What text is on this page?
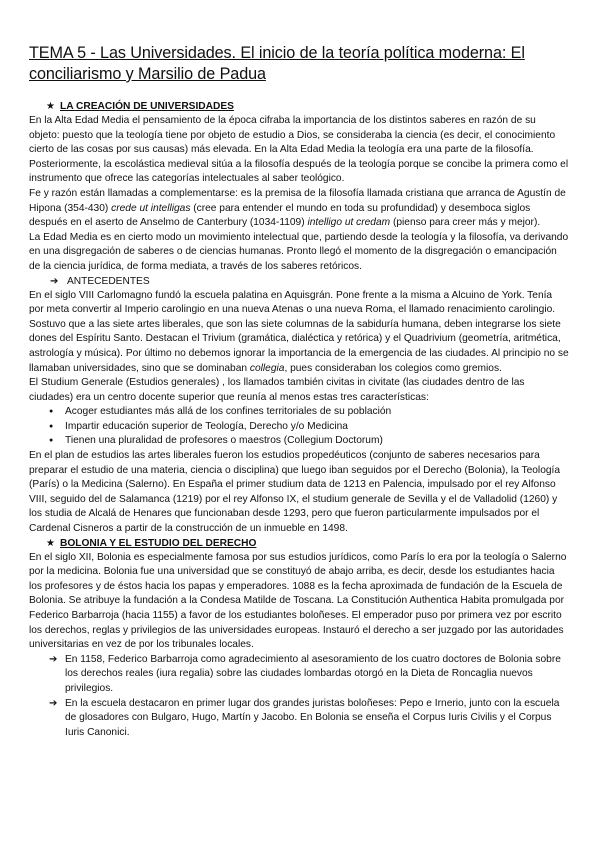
TEMA 5 - Las Universidades. El inicio de la teoría política moderna: El conciliarismo y Marsilio de Padua
★ LA CREACIÓN DE UNIVERSIDADES

En la Alta Edad Media el pensamiento de la época cifraba la importancia de los distintos saberes en razón de su objeto: puesto que la teología tiene por objeto de estudio a Dios, se consideraba la ciencia (es decir, el conocimiento cierto de las cosas por sus causas) más elevada. En la Alta Edad Media la teología era una parte de la filosofía. Posteriormente, la escolástica medieval sitúa a la filosofía después de la teología porque se concibe la primera como el instrumento que ofrece las categorías intelectuales al saber teológico.

Fe y razón están llamadas a complementarse: es la premisa de la filosofía llamada cristiana que arranca de Agustín de Hipona (354-430) crede ut intelligas (cree para entender el mundo en toda su profundidad) y desemboca siglos después en el aserto de Anselmo de Canterbury (1034-1109) intelligo ut credam (pienso para creer más y mejor).

La Edad Media es en cierto modo un movimiento intelectual que, partiendo desde la teología y la filosofía, va derivando en una disgregación de saberes o de ciencias humanas. Pronto llegó el momento de la disgregación o emancipación de la ciencia jurídica, de forma mediata, a través de los saberes retóricos.

➔ ANTECEDENTES

En el siglo VIII Carlomagno fundó la escuela palatina en Aquisgrán. Pone frente a la misma a Alcuino de York. Tenía por meta convertir al Imperio carolingio en una nueva Atenas o una nueva Roma, el llamado renacimiento carolingio. Sostuvo que a las siete artes liberales, que son las siete columnas de la sabiduría humana, deben integrarse los siete dones del Espíritu Santo. Destacan el Trivium (gramática, dialéctica y retórica) y el Quadrivium (geometría, aritmética, astrología y música). Por último no debemos ignorar la importancia de la emergencia de las ciudades. Al principio no se llamaban universidades, sino que se dominaban collegia, pues consideraban los colegios como gremios.

El Studium Generale (Estudios generales) , los llamados también civitas in civitate (las ciudades dentro de las ciudades) era un centro docente superior que reunía al menos estas tres características:

● Acoger estudiantes más allá de los confines territoriales de su población
● Impartir educación superior de Teología, Derecho y/o Medicina
● Tienen una pluralidad de profesores o maestros (Collegium Doctorum)

En el plan de estudios las artes liberales fueron los estudios propedéuticos (conjunto de saberes necesarios para preparar el estudio de una materia, ciencia o disciplina) que luego iban seguidos por el Derecho (Bolonia), la Teología (París) o la Medicina (Salerno). En España el primer studium data de 1213 en Palencia, impulsado por el rey Alfonso VIII, seguido del de Salamanca (1219) por el rey Alfonso IX, el studium generale de Sevilla y el de Valladolid (1260) y los studia de Alcalá de Henares que funcionaban desde 1293, pero que fueron particularmente impulsados por el Cardenal Cisneros a partir de la construcción de un inmueble en 1498.

★ BOLONIA Y EL ESTUDIO DEL DERECHO

En el siglo XII, Bolonia es especialmente famosa por sus estudios jurídicos, como París lo era por la teología o Salerno por la medicina. Bolonia fue una universidad que se constituyó de abajo arriba, es decir, desde los estudiantes hacia los profesores y de éstos hacia los papas y emperadores. 1088 es la fecha aproximada de fundación de la Escuela de Bolonia. Se atribuye la fundación a la Condesa Matilde de Toscana. La Constitución Authentica Habita promulgada por Federico Barbarroja (hacia 1155) a favor de los estudiantes boloñeses. El emperador puso por primera vez por escrito los derechos, reglas y privilegios de las universidades europeas. Instauró el derecho a ser juzgado por las autoridades universitarias en vez de por los tribunales locales.

➔ En 1158, Federico Barbarroja como agradecimiento al asesoramiento de los cuatro doctores de Bolonia sobre los derechos reales (iura regalia) sobre las ciudades lombardas otorgó en la Dieta de Roncaglia nuevos privilegios.
➔ En la escuela destacaron en primer lugar dos grandes juristas boloñeses: Pepo e Irnerio, junto con la escuela de glosadores con Bulgaro, Hugo, Martín y Jacobo. En Bolonia se enseña el Corpus Iuris Civilis y el Corpus Iuris Canonici.
